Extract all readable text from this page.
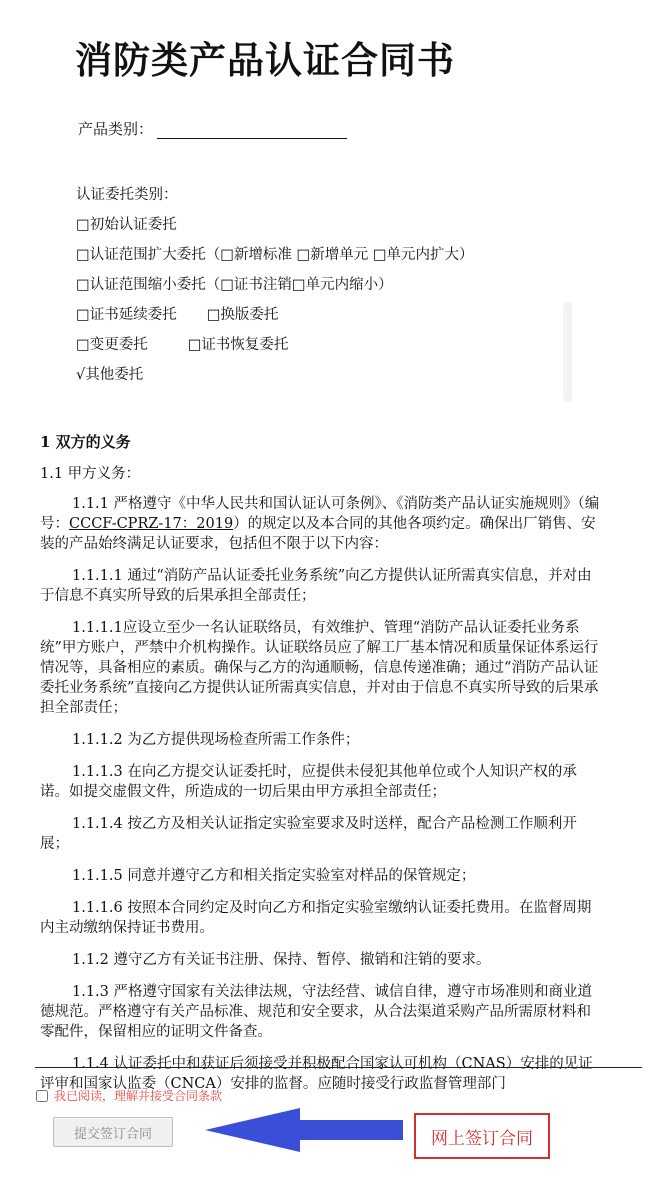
消防类产品认证合同书
产品类别：
认证委托类别：
□初始认证委托
□认证范围扩大委托（□新增标准 □新增单元 □单元内扩大）
□认证范围缩小委托（□证书注销□单元内缩小）
□证书延续委托 □换版委托
□变更委托	□证书恢复委托
√其他委托
1 双方的义务
1.1 甲方义务：

1.1.1 严格遵守《中华人民共和国认证认可条例》、《消防类产品认证实施规则》（编号：CCCF-CPRZ-17：2019）的规定以及本合同的其他各项约定。确保出厂销售、安装的产品始终满足认证要求，包括但不限于以下内容：

1.1.1.1 通过“消防产品认证委托业务系统”向乙方提供认证所需真实信息，并对由于信息不真实所导致的后果承担全部责任；

1.1.1.1应设立至少一名认证联络员，有效维护、管理“消防产品认证委托业务系统”甲方账户，严禁中介机构操作。认证联络员应了解工厂基本情况和质量保证体系运行情况等，具备相应的素质。确保与乙方的沟通顺畅，信息传递准确；通过“消防产品认证委托业务系统”直接向乙方提供认证所需真实信息，并对由于信息不真实所导致的后果承担全部责任；

1.1.1.2 为乙方提供现场检查所需工作条件；

1.1.1.3 在向乙方提交认证委托时，应提供未侵犯其他单位或个人知识产权的承诺。如提交虚假文件，所造成的一切后果由甲方承担全部责任；

1.1.1.4 按乙方及相关认证指定实验室要求及时送样，配合产品检测工作顺利开展；

1.1.1.5 同意并遵守乙方和相关指定实验室对样品的保管规定；

1.1.1.6 按照本合同约定及时向乙方和指定实验室缴纳认证委托费用。在监督周期内主动缴纳保持证书费用。

1.1.2 遵守乙方有关证书注册、保持、暂停、撤销和注销的要求。

1.1.3 严格遵守国家有关法律法规，守法经营、诚信自律，遵守市场准则和商业道德规范。严格遵守有关产品标准、规范和安全要求，从合法渠道采购产品所需原材料和零配件，保留相应的证明文件备查。

1.1.4 认证委托中和获证后须接受并积极配合国家认可机构（CNAS）安排的见证评审和国家认监委（CNCA）安排的监督。应随时接受行政监督管理部门

我已阅读，理解并接受合同条款
提交签订合同	网上签订合同
